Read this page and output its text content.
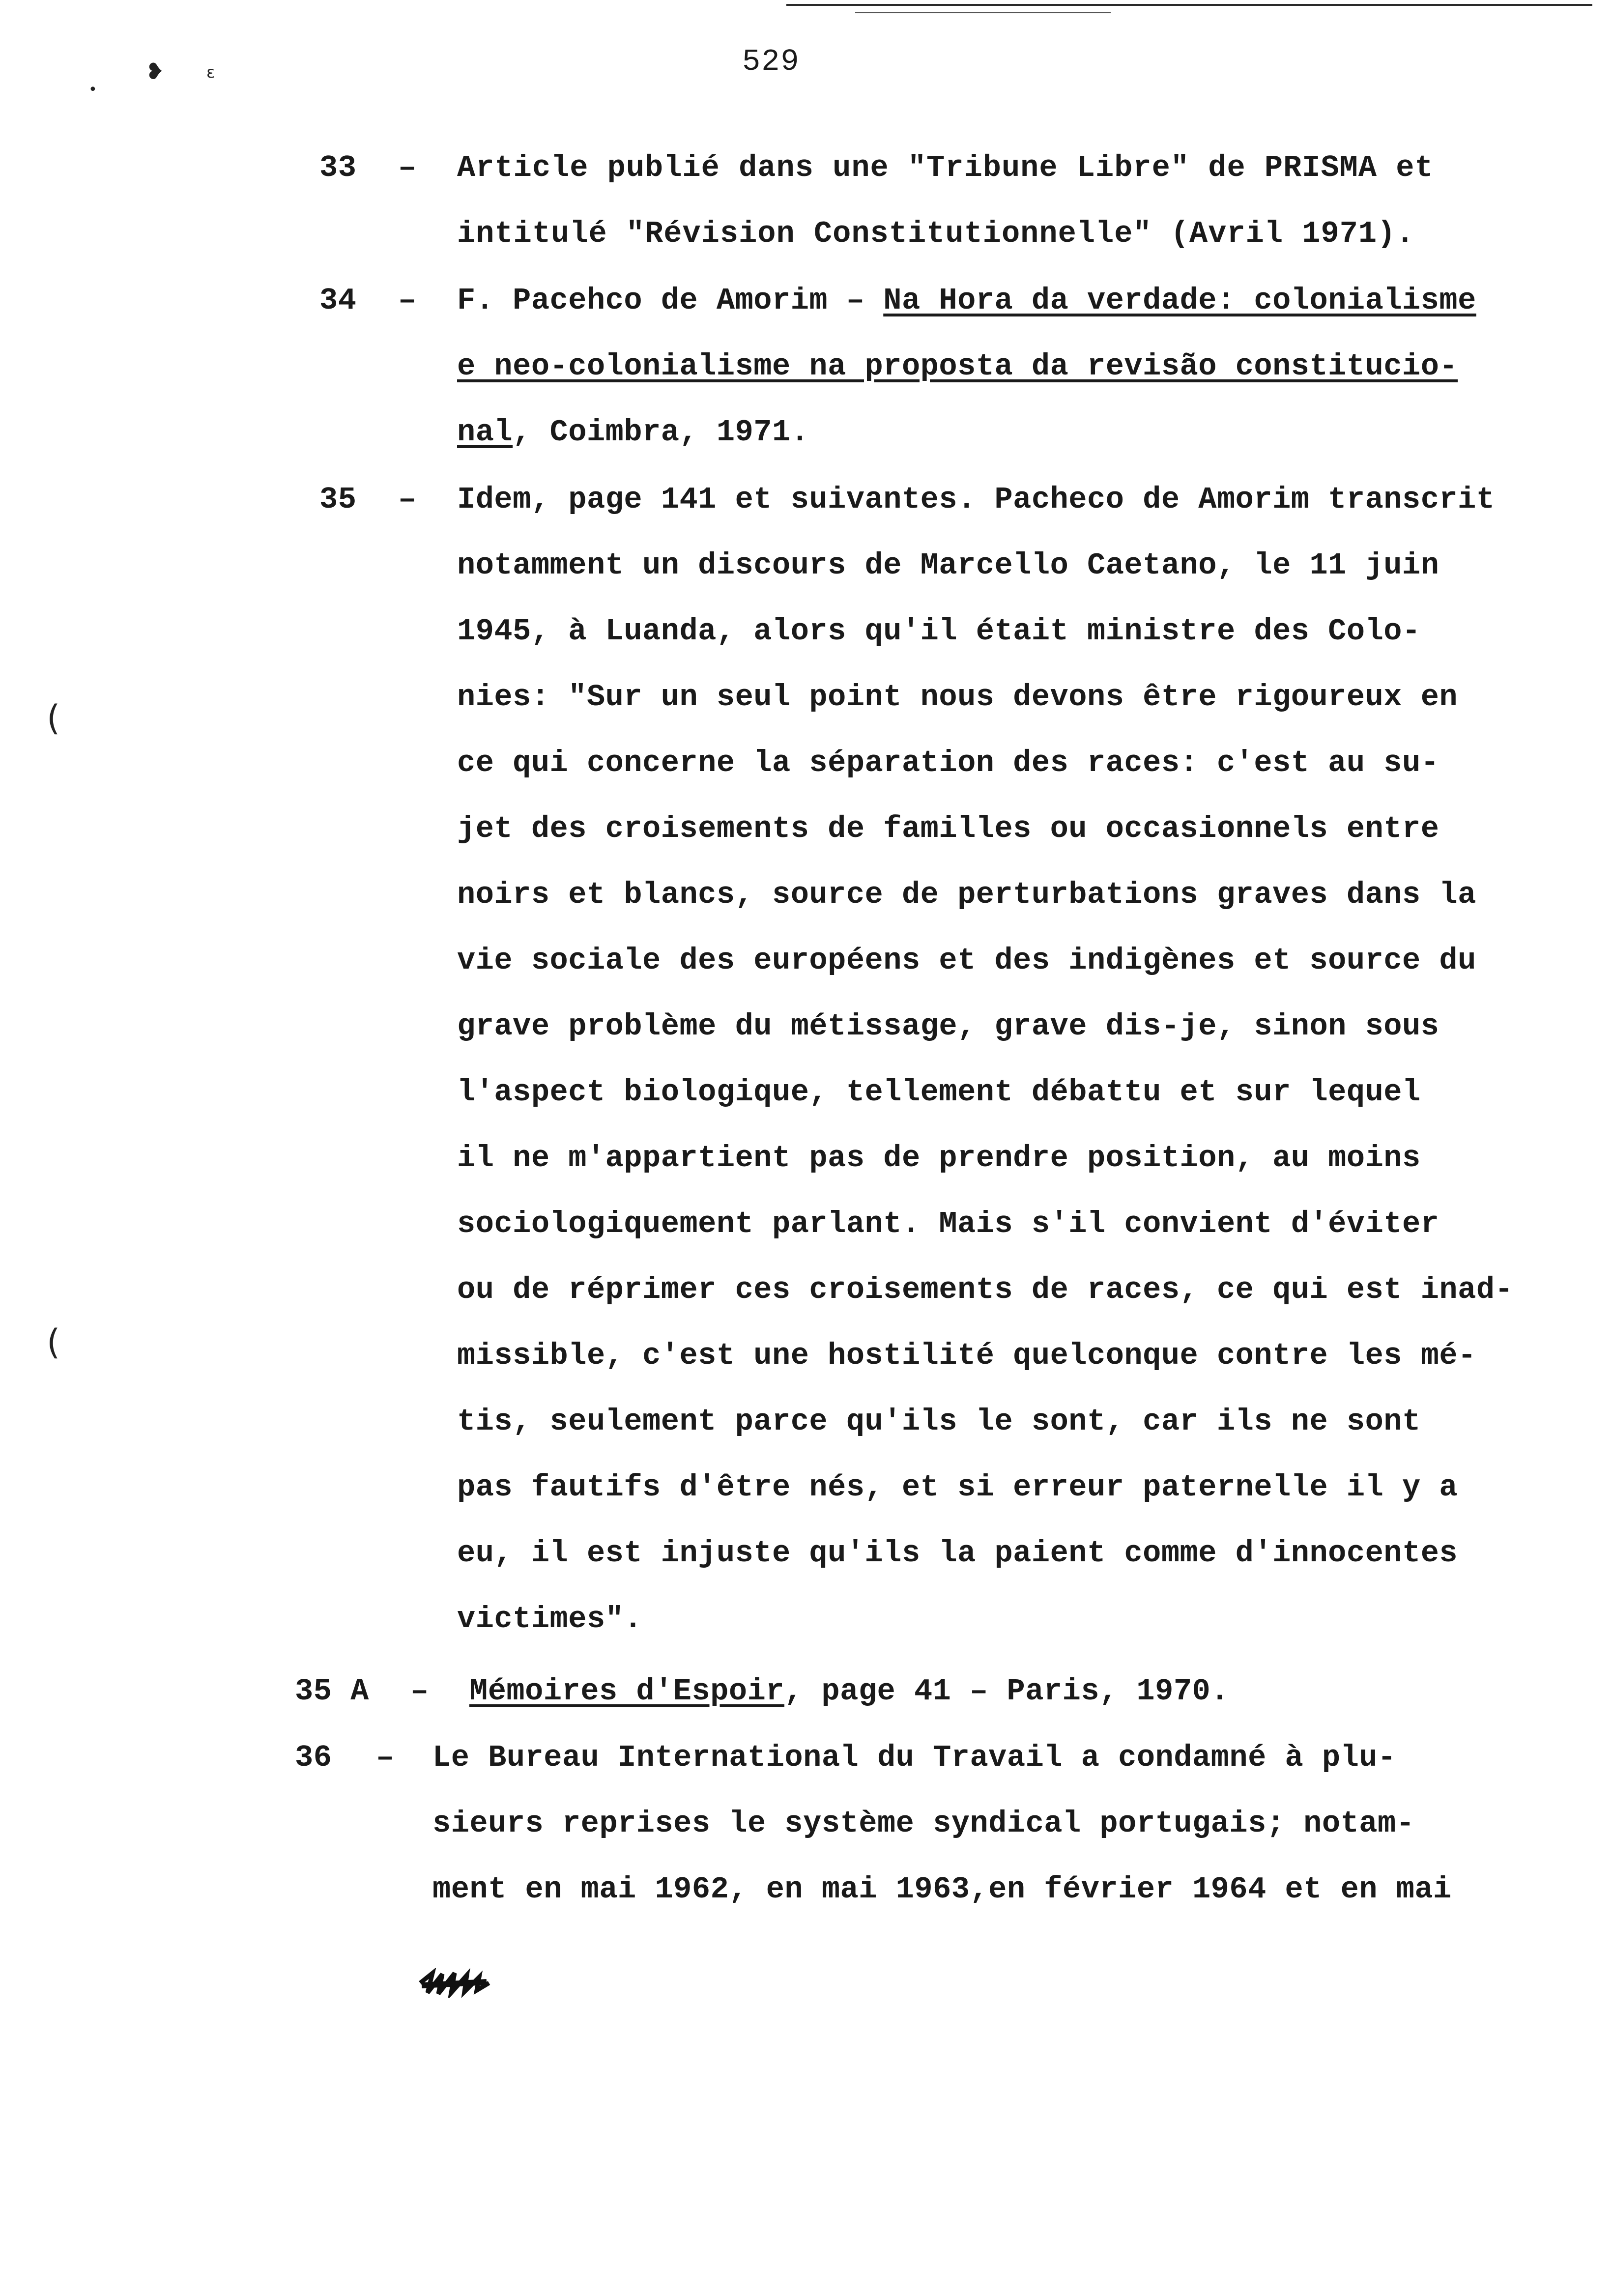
•
❥	ɛ
(
(
529
33 – Article publié dans une "Tribune Libre" de PRISMA et

intitulé "Révision Constitutionnelle" (Avril 1971).

34 – F. Pacehco de Amorim – Na Hora da verdade: colonialisme

e neo-colonialisme na proposta da revisão constitucio-

nal, Coimbra, 1971.

35 – Idem, page 141 et suivantes. Pacheco de Amorim transcrit

notamment un discours de Marcello Caetano, le 11 juin

1945, à Luanda, alors qu'il était ministre des Colo-

nies: "Sur un seul point nous devons être rigoureux en

ce qui concerne la séparation des races: c'est au su-

jet des croisements de familles ou occasionnels entre

noirs et blancs, source de perturbations graves dans la

vie sociale des européens et des indigènes et source du

grave problème du métissage, grave dis-je, sinon sous

l'aspect biologique, tellement débattu et sur lequel

il ne m'appartient pas de prendre position, au moins

sociologiquement parlant. Mais s'il convient d'éviter

ou de réprimer ces croisements de races, ce qui est inad-

missible, c'est une hostilité quelconque contre les mé-

tis, seulement parce qu'ils le sont, car ils ne sont

pas fautifs d'être nés, et si erreur paternelle il y a

eu, il est injuste qu'ils la paient comme d'innocentes

victimes".

35 A – Mémoires d'Espoir, page 41 – Paris, 1970.

36 – Le Bureau International du Travail a condamné à plu-

sieurs reprises le système syndical portugais; notam-

ment en mai 1962, en mai 1963,en février 1964 et en mai
